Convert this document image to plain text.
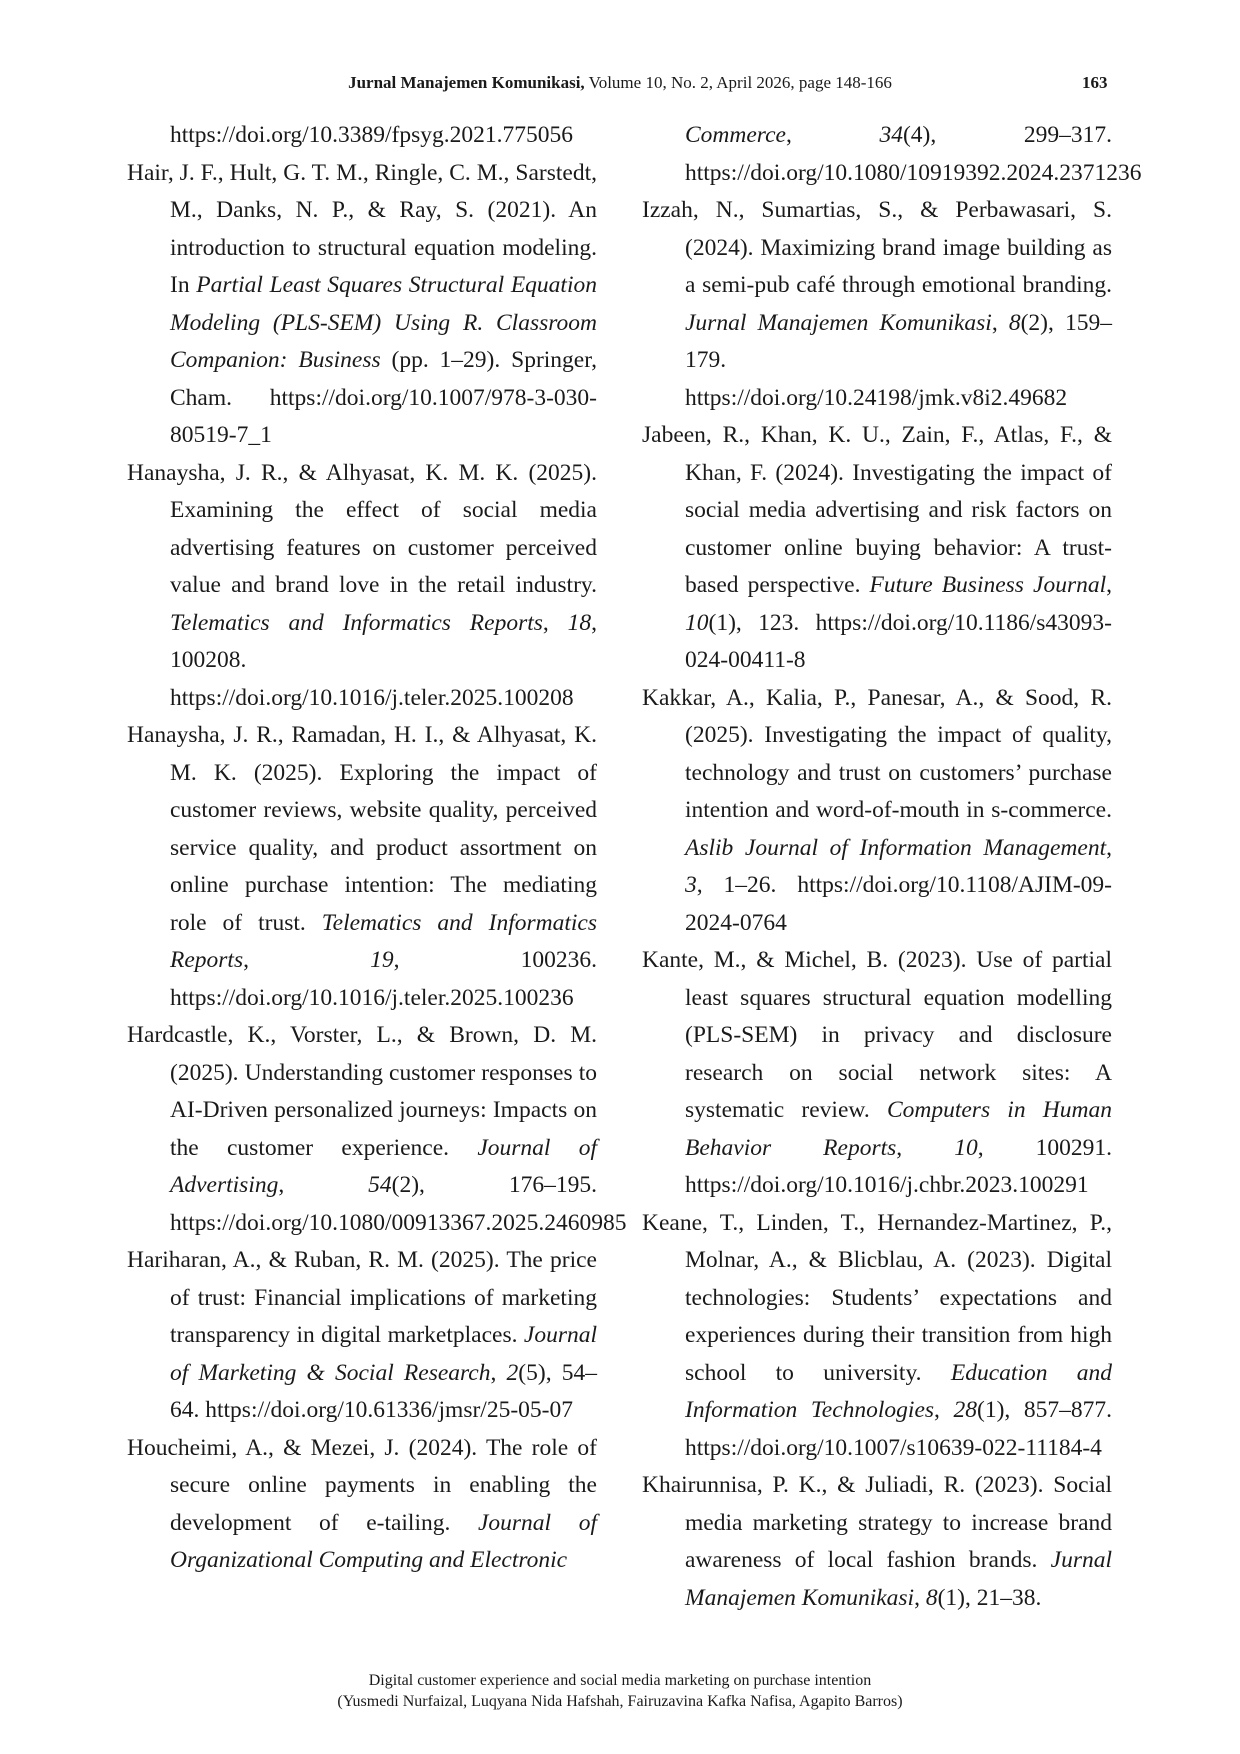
Jurnal Manajemen Komunikasi, Volume 10, No. 2, April 2026, page 148-166	163

https://doi.org/10.3389/fpsyg.2021.775056

Hair, J. F., Hult, G. T. M., Ringle, C. M., Sarstedt, M., Danks, N. P., & Ray, S. (2021). An introduction to structural equation modeling. In Partial Least Squares Structural Equation Modeling (PLS-SEM) Using R. Classroom Companion: Business (pp. 1–29). Springer, Cham. https://doi.org/10.1007/978-3-030-80519-7_1

Hanaysha, J. R., & Alhyasat, K. M. K. (2025). Examining the effect of social media advertising features on customer perceived value and brand love in the retail industry. Telematics and Informatics Reports, 18, 100208. https://doi.org/10.1016/j.teler.2025.100208

Hanaysha, J. R., Ramadan, H. I., & Alhyasat, K. M. K. (2025). Exploring the impact of customer reviews, website quality, perceived service quality, and product assortment on online purchase intention: The mediating role of trust. Telematics and Informatics Reports, 19, 100236. https://doi.org/10.1016/j.teler.2025.100236

Hardcastle, K., Vorster, L., & Brown, D. M. (2025). Understanding customer responses to AI-Driven personalized journeys: Impacts on the customer experience. Journal of Advertising, 54(2), 176–195. https://doi.org/10.1080/00913367.2025.2460985

Hariharan, A., & Ruban, R. M. (2025). The price of trust: Financial implications of marketing transparency in digital marketplaces. Journal of Marketing & Social Research, 2(5), 54–64. https://doi.org/10.61336/jmsr/25-05-07

Houcheimi, A., & Mezei, J. (2024). The role of secure online payments in enabling the development of e-tailing. Journal of Organizational Computing and Electronic

Commerce, 34(4), 299–317. https://doi.org/10.1080/10919392.2024.2371236

Izzah, N., Sumartias, S., & Perbawasari, S. (2024). Maximizing brand image building as a semi-pub café through emotional branding. Jurnal Manajemen Komunikasi, 8(2), 159–179. https://doi.org/10.24198/jmk.v8i2.49682

Jabeen, R., Khan, K. U., Zain, F., Atlas, F., & Khan, F. (2024). Investigating the impact of social media advertising and risk factors on customer online buying behavior: A trust-based perspective. Future Business Journal, 10(1), 123. https://doi.org/10.1186/s43093-024-00411-8

Kakkar, A., Kalia, P., Panesar, A., & Sood, R. (2025). Investigating the impact of quality, technology and trust on customers’ purchase intention and word-of-mouth in s-commerce. Aslib Journal of Information Management, 3, 1–26. https://doi.org/10.1108/AJIM-09-2024-0764

Kante, M., & Michel, B. (2023). Use of partial least squares structural equation modelling (PLS-SEM) in privacy and disclosure research on social network sites: A systematic review. Computers in Human Behavior Reports, 10, 100291. https://doi.org/10.1016/j.chbr.2023.100291

Keane, T., Linden, T., Hernandez-Martinez, P., Molnar, A., & Blicblau, A. (2023). Digital technologies: Students’ expectations and experiences during their transition from high school to university. Education and Information Technologies, 28(1), 857–877. https://doi.org/10.1007/s10639-022-11184-4

Khairunnisa, P. K., & Juliadi, R. (2023). Social media marketing strategy to increase brand awareness of local fashion brands. Jurnal Manajemen Komunikasi, 8(1), 21–38.

Digital customer experience and social media marketing on purchase intention
(Yusmedi Nurfaizal, Luqyana Nida Hafshah, Fairuzavina Kafka Nafisa, Agapito Barros)
